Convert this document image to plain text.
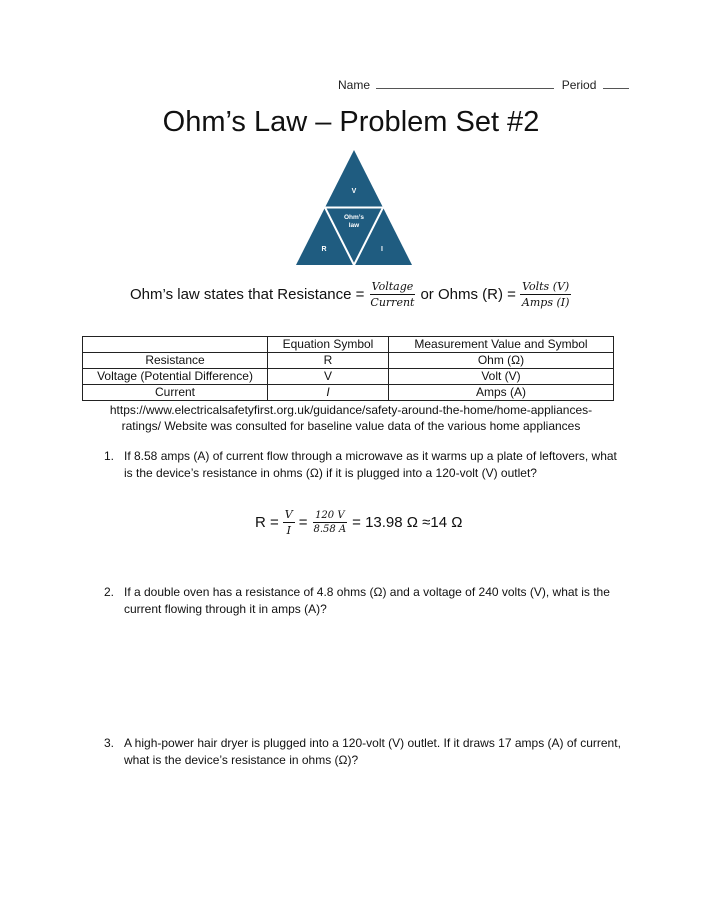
Name	Period
Ohm’s Law – Problem Set #2
V
Ohm’s
law
R	I
Ohm’s law states that Resistance = $\frac{\text{Voltage}}{\text{Current}}$ or Ohms $(R) = \frac{\text{Volts (V)}}{\text{Amps (I)}}$
	Equation Symbol	Measurement Value and Symbol
Resistance	R	Ohm (Ω)
Voltage (Potential Difference)	V	Volt (V)
Current	I	Amps (A)
https://www.electricalsafetyfirst.org.uk/guidance/safety-around-the-home/home-appliances-
ratings/ Website was consulted for baseline value data of the various home appliances
1. If 8.58 amps (A) of current flow through a microwave as it warms up a plate of leftovers, what is the device’s resistance in ohms (Ω) if it is plugged into a 120-volt (V) outlet?
$R = \frac{V}{I} = \frac{120 V}{8.58 A} = 13.98$ Ω ≈14 Ω
2. If a double oven has a resistance of 4.8 ohms (Ω) and a voltage of 240 volts (V), what is the current flowing through it in amps (A)?
3. A high-power hair dryer is plugged into a 120-volt (V) outlet. If it draws 17 amps (A) of current, what is the device’s resistance in ohms (Ω)?
